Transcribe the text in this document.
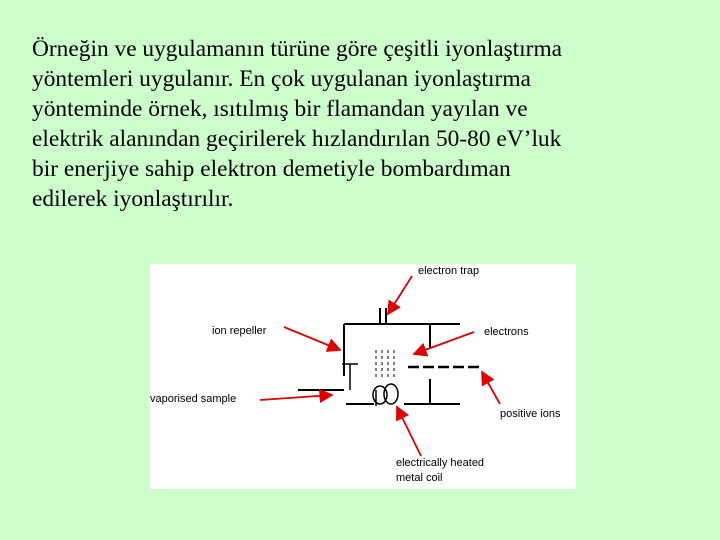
Örneğin ve uygulamanın türüne göre çeşitli iyonlaştırma
yöntemleri uygulanır. En çok uygulanan iyonlaştırma
yönteminde örnek, ısıtılmış bir flamandan yayılan ve
elektrik alanından geçirilerek hızlandırılan 50-80 eV’luk
bir enerjiye sahip elektron demetiyle bombardıman
edilerek iyonlaştırılır.
electron trap
ion repeller	electrons
vaporised sample
positive ions
electrically heated
metal coil
